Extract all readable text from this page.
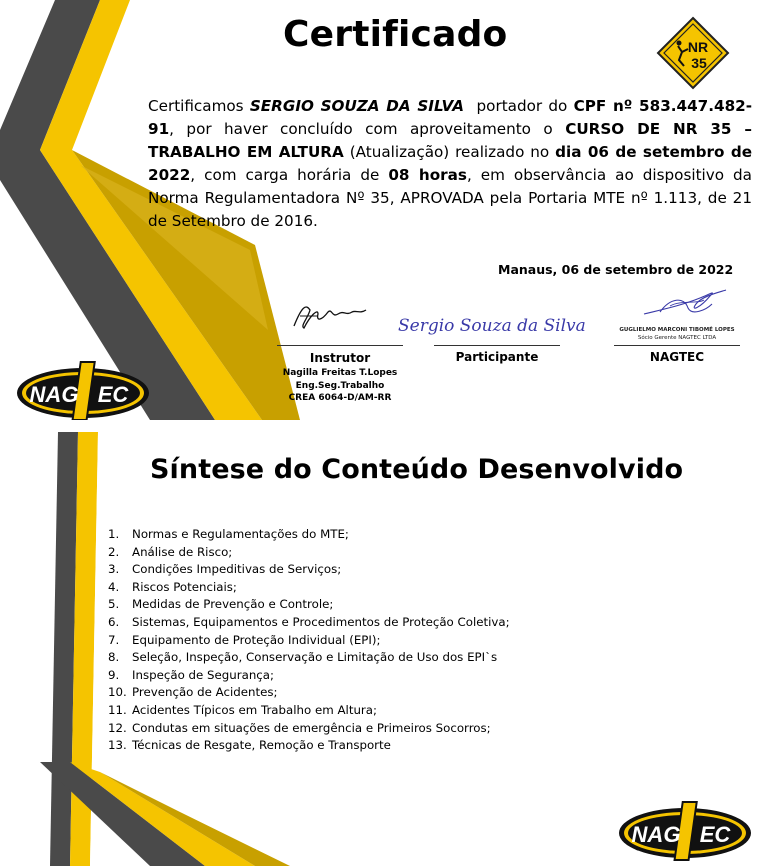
Certificado	NR
35
Certificamos SERGIO SOUZA DA SILVA  portador do CPF nº 583.447.482-91, por haver concluído com aproveitamento o CURSO DE NR 35 – TRABALHO EM ALTURA (Atualização) realizado no dia 06 de setembro de 2022, com carga horária de 08 horas, em observância ao dispositivo da Norma Regulamentadora Nº 35, APROVADA pela Portaria MTE nº 1.113, de 21 de Setembro de 2016.
Manaus, 06 de setembro de 2022
Instrutor
Nagilla Freitas T.Lopes
Eng.Seg.Trabalho
CREA 6064-D/AM-RR
Sergio Souza da Silva
Participante
GUGLIELMO MARCONI TIBOMÉ LOPES
Sócio Gerente NAGTEC LTDA
NAGTEC
NAG EC
Síntese do Conteúdo Desenvolvido
1. Normas e Regulamentações do MTE;
2. Análise de Risco;
3. Condições Impeditivas de Serviços;
4. Riscos Potenciais;
5. Medidas de Prevenção e Controle;
6. Sistemas, Equipamentos e Procedimentos de Proteção Coletiva;
7. Equipamento de Proteção Individual (EPI);
8. Seleção, Inspeção, Conservação e Limitação de Uso dos EPI`s
9. Inspeção de Segurança;
10. Prevenção de Acidentes;
11. Acidentes Típicos em Trabalho em Altura;
12. Condutas em situações de emergência e Primeiros Socorros;
13. Técnicas de Resgate, Remoção e Transporte
NAG EC
